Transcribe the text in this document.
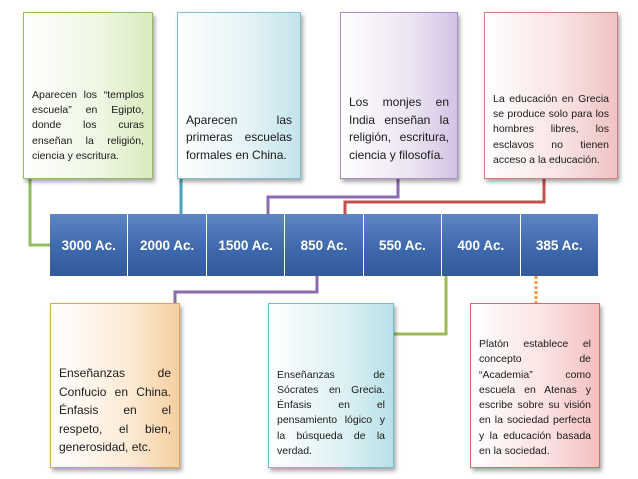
Aparecen los “templos escuela” en Egipto, donde los curas enseñan la religión, ciencia y escritura.
Aparecen las primeras escuelas formales en China.
Los monjes en India enseñan la religión, escritura, ciencia y filosofía.
La educación en Grecia se produce solo para los hombres libres, los esclavos no tienen acceso a la educación.
3000 Ac.	2000 Ac.	1500 Ac.	850 Ac.	550 Ac.	400 Ac.	385 Ac.
Enseñanzas de Confucio en China. Énfasis en el respeto, el bien, generosidad, etc.
Enseñanzas de Sócrates en Grecia. Énfasis en el pensamiento lógico y la búsqueda de la verdad.
Platón establece el concepto de “Academia” como escuela en Atenas y escribe sobre su visión en la sociedad perfecta y la educación basada en la sociedad.
